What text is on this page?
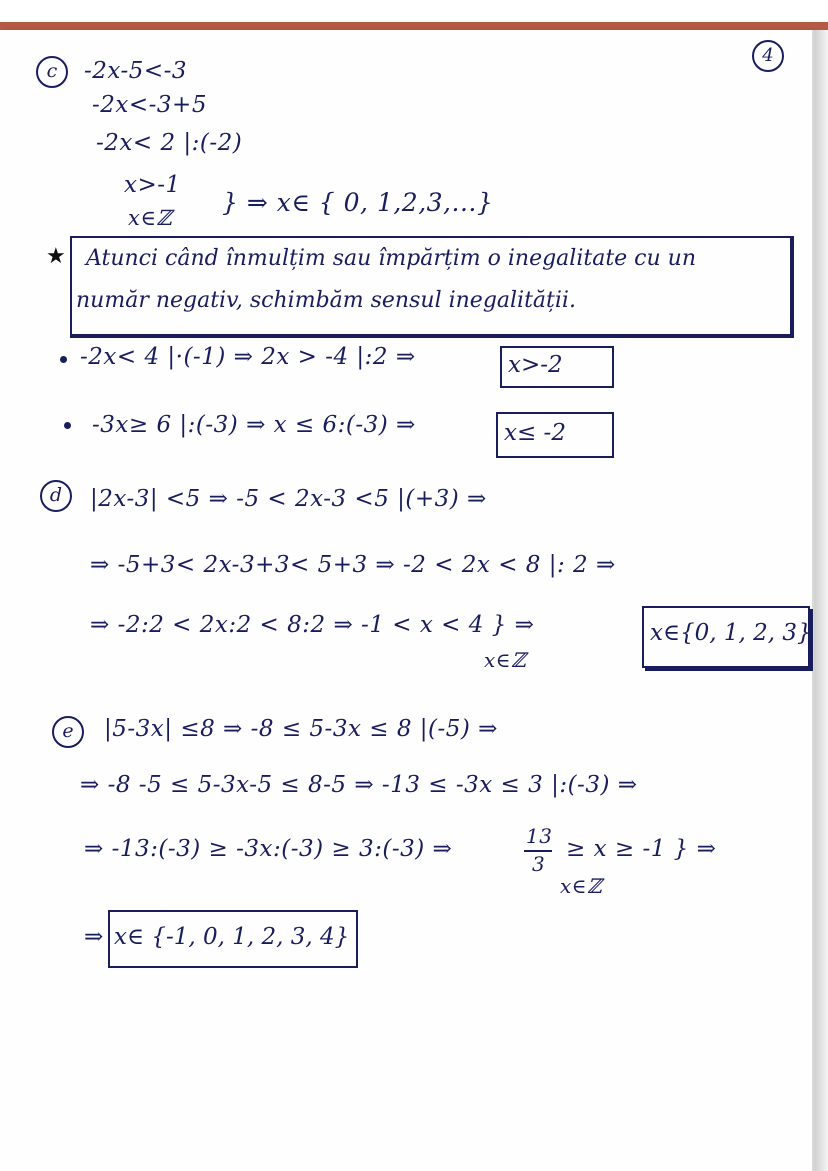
4
c	-2x-5<-3
-2x<-3+5
-2x< 2 |:(-2)
x>-1
x∈ℤ
} ⇒ x∈ { 0, 1,2,3,...}
★ Atunci când înmulțim sau împărțim o inegalitate cu un
număr negativ, schimbăm sensul inegalității.
-2x< 4 |·(-1) ⇒ 2x > -4 |:2 ⇒	x>-2
-3x≥ 6 |:(-3) ⇒ x ≤ 6:(-3) ⇒	x≤ -2
d	|2x-3| <5 ⇒ -5 < 2x-3 <5 |(+3) ⇒
⇒ -5+3< 2x-3+3< 5+3 ⇒ -2 < 2x < 8 |: 2 ⇒
⇒ -2:2 < 2x:2 < 8:2 ⇒ -1 < x < 4 } ⇒
x∈ℤ
x∈{0, 1, 2, 3}
e	|5-3x| ≤8 ⇒ -8 ≤ 5-3x ≤ 8 |(-5) ⇒
⇒ -8 -5 ≤ 5-3x-5 ≤ 8-5 ⇒ -13 ≤ -3x ≤ 3 |:(-3) ⇒
⇒ -13:(-3) ≥ -3x:(-3) ≥ 3:(-3) ⇒	13
3
≥ x ≥ -1 } ⇒
x∈ℤ
⇒ x∈ {-1, 0, 1, 2, 3, 4}
